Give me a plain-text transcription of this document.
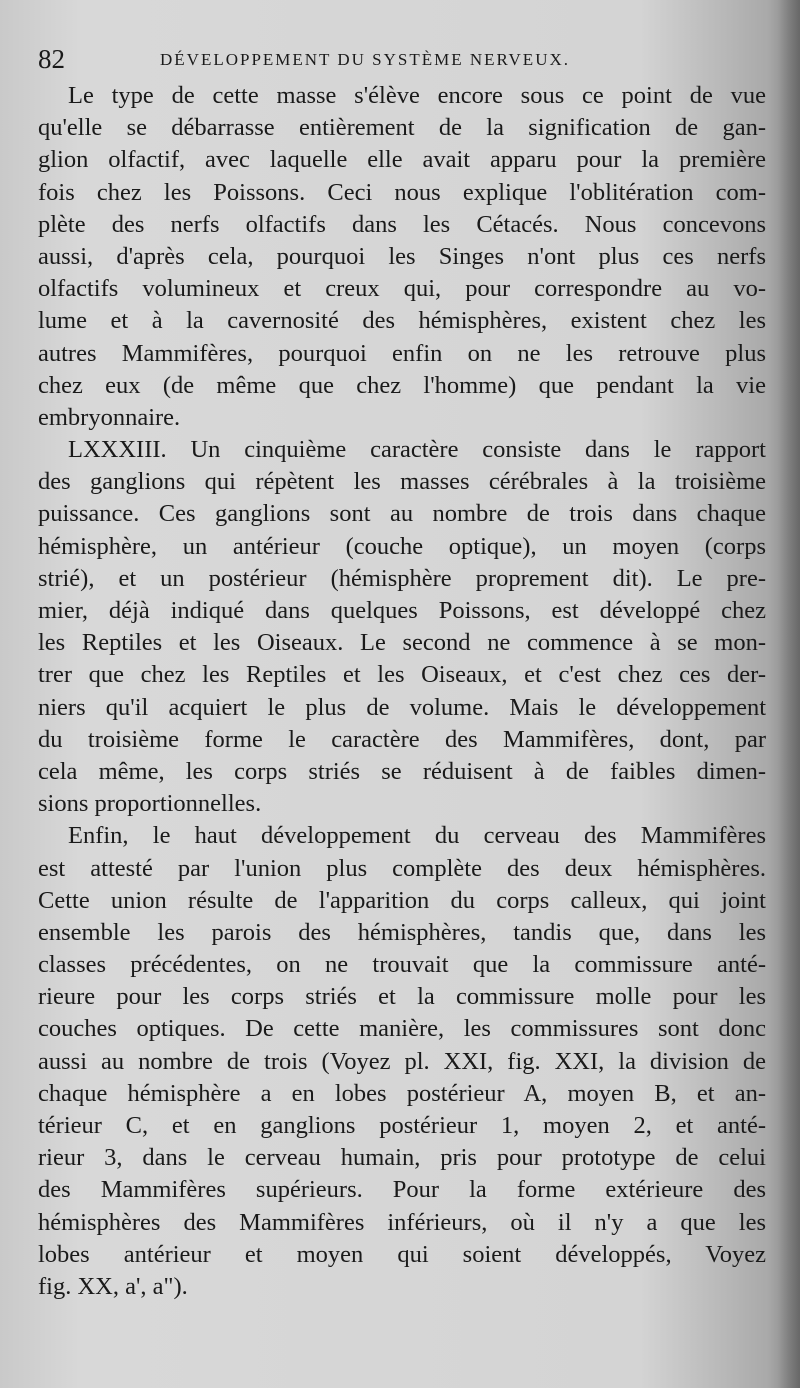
82	DÉVELOPPEMENT DU SYSTÈME NERVEUX.

Le type de cette masse s'élève encore sous ce point de vue
qu'elle se débarrasse entièrement de la signification de gan-
glion olfactif, avec laquelle elle avait apparu pour la première
fois chez les Poissons. Ceci nous explique l'oblitération com-
plète des nerfs olfactifs dans les Cétacés. Nous concevons
aussi, d'après cela, pourquoi les Singes n'ont plus ces nerfs
olfactifs volumineux et creux qui, pour correspondre au vo-
lume et à la cavernosité des hémisphères, existent chez les
autres Mammifères, pourquoi enfin on ne les retrouve plus
chez eux (de même que chez l'homme) que pendant la vie
embryonnaire.

LXXXIII. Un cinquième caractère consiste dans le rapport
des ganglions qui répètent les masses cérébrales à la troisième
puissance. Ces ganglions sont au nombre de trois dans chaque
hémisphère, un antérieur (couche optique), un moyen (corps
strié), et un postérieur (hémisphère proprement dit). Le pre-
mier, déjà indiqué dans quelques Poissons, est développé chez
les Reptiles et les Oiseaux. Le second ne commence à se mon-
trer que chez les Reptiles et les Oiseaux, et c'est chez ces der-
niers qu'il acquiert le plus de volume. Mais le développement
du troisième forme le caractère des Mammifères, dont, par
cela même, les corps striés se réduisent à de faibles dimen-
sions proportionnelles.

Enfin, le haut développement du cerveau des Mammifères
est attesté par l'union plus complète des deux hémisphères.
Cette union résulte de l'apparition du corps calleux, qui joint
ensemble les parois des hémisphères, tandis que, dans les
classes précédentes, on ne trouvait que la commissure anté-
rieure pour les corps striés et la commissure molle pour les
couches optiques. De cette manière, les commissures sont donc
aussi au nombre de trois (Voyez pl. XXI, fig. XXI, la division de
chaque hémisphère a en lobes postérieur A, moyen B, et an-
térieur C, et en ganglions postérieur 1, moyen 2, et anté-
rieur 3, dans le cerveau humain, pris pour prototype de celui
des Mammifères supérieurs. Pour la forme extérieure des
hémisphères des Mammifères inférieurs, où il n'y a que les
lobes antérieur et moyen qui soient développés, Voyez
fig. XX, a', a").
